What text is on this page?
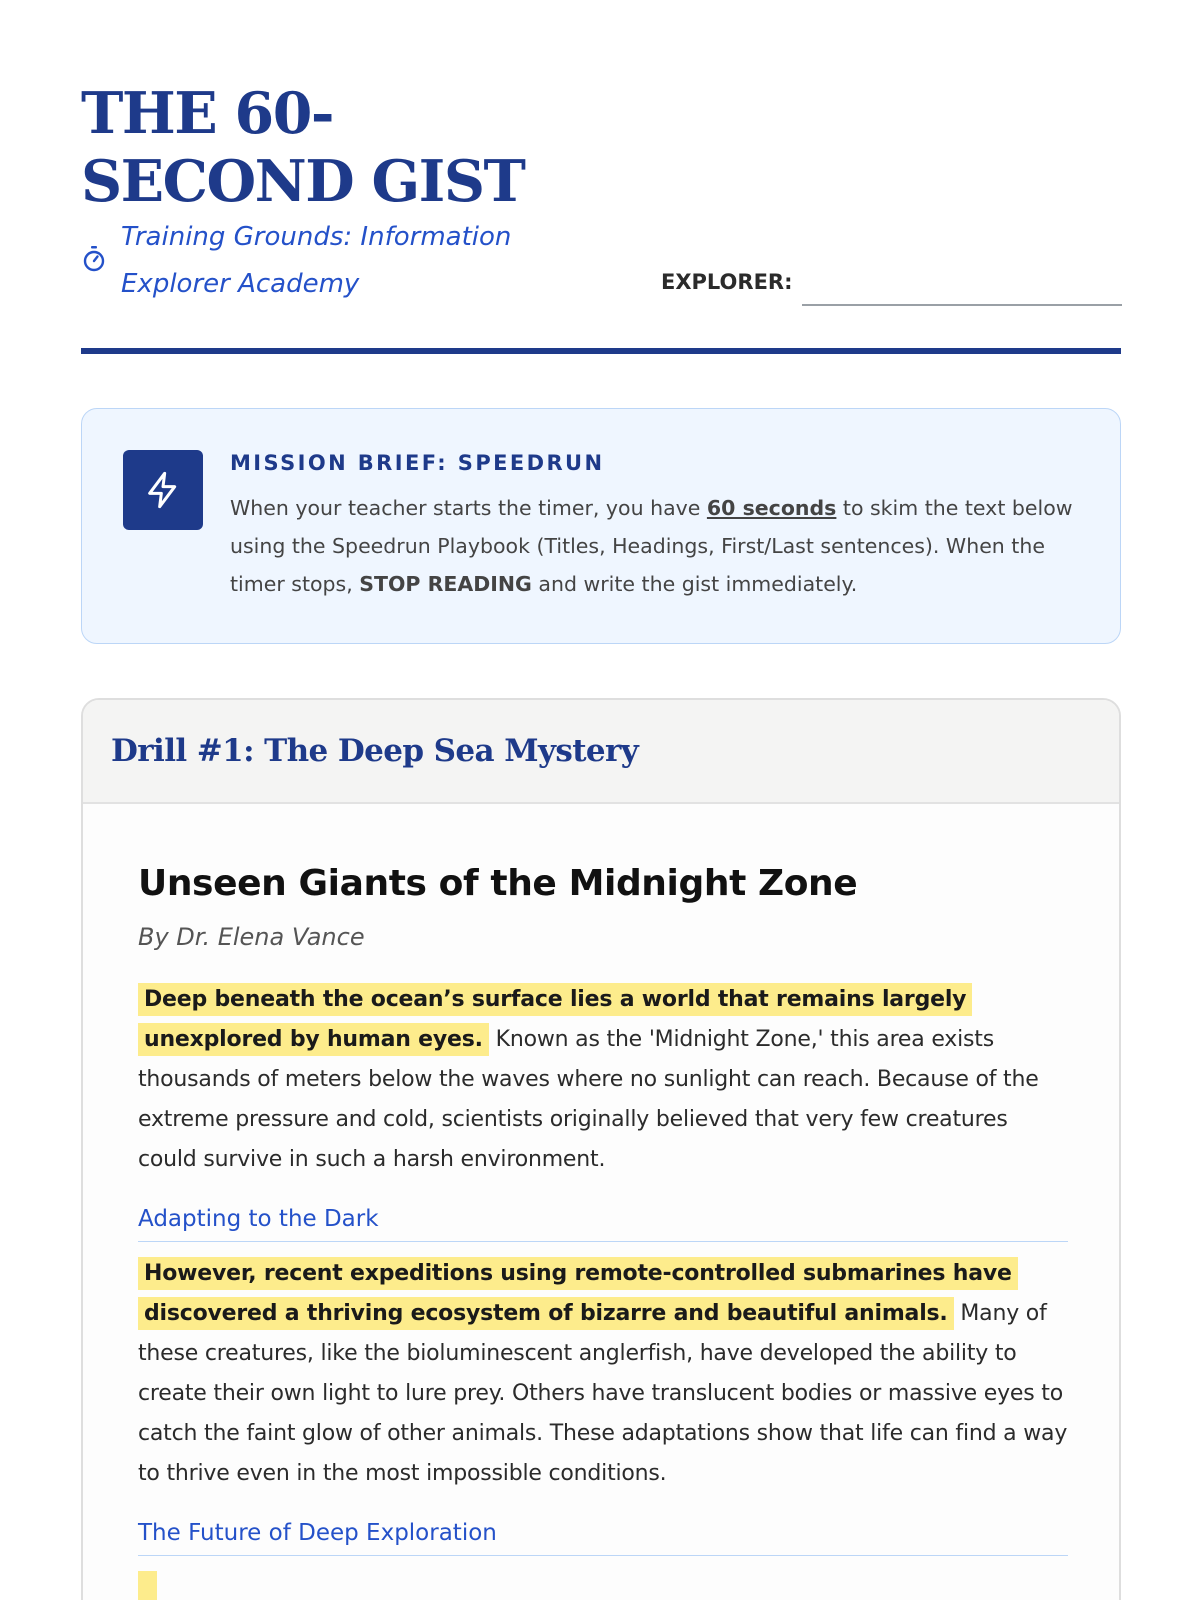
THE 60-SECOND GIST
Training Grounds: Information Explorer Academy	EXPLORER:
MISSION BRIEF: SPEEDRUN

When your teacher starts the timer, you have 60 seconds to skim the text below using the Speedrun Playbook (Titles, Headings, First/Last sentences). When the timer stops, STOP READING and write the gist immediately.

Drill #1: The Deep Sea Mystery
Unseen Giants of the Midnight Zone
By Dr. Elena Vance

Deep beneath the ocean’s surface lies a world that remains largely unexplored by human eyes. Known as the 'Midnight Zone,' this area exists thousands of meters below the waves where no sunlight can reach. Because of the extreme pressure and cold, scientists originally believed that very few creatures could survive in such a harsh environment.

Adapting to the Dark

However, recent expeditions using remote-controlled submarines have discovered a thriving ecosystem of bizarre and beautiful animals. Many of these creatures, like the bioluminescent anglerfish, have developed the ability to create their own light to lure prey. Others have translucent bodies or massive eyes to catch the faint glow of other animals. These adaptations show that life can find a way to thrive even in the most impossible conditions.

The Future of Deep Exploration
